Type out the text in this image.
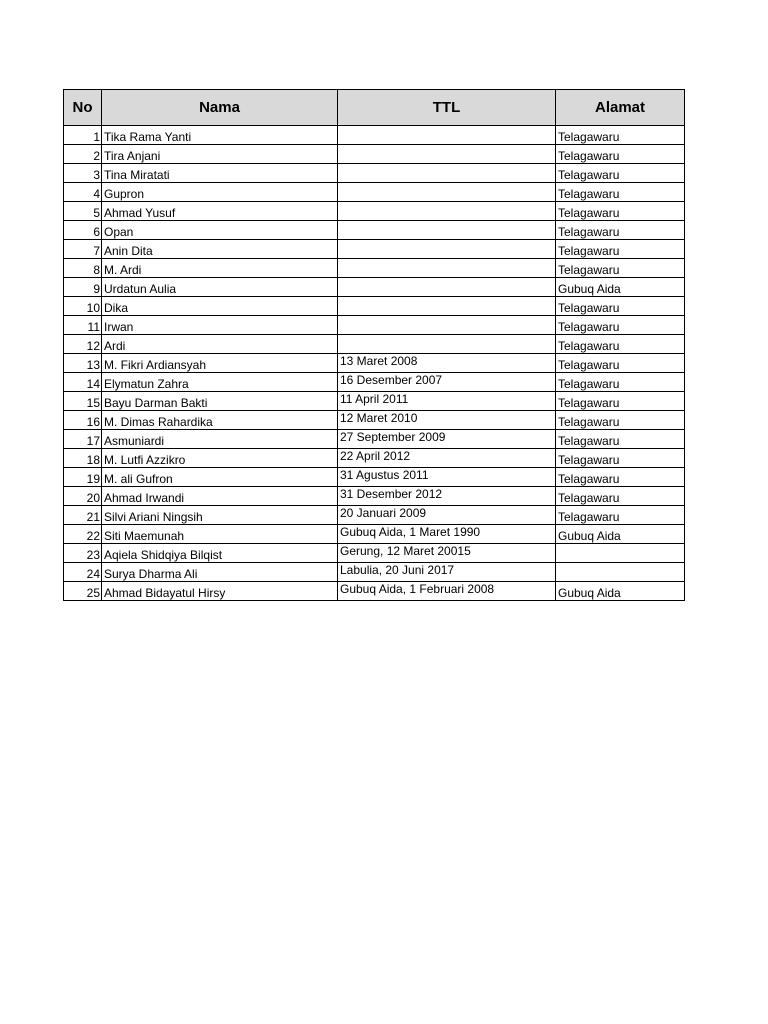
No	Nama	TTL	Alamat
1	Tika Rama Yanti		Telagawaru
2	Tira Anjani		Telagawaru
3	Tina Miratati		Telagawaru
4	Gupron		Telagawaru
5	Ahmad Yusuf		Telagawaru
6	Opan		Telagawaru
7	Anin Dita		Telagawaru
8	M. Ardi		Telagawaru
9	Urdatun Aulia		Gubuq Aida
10	Dika		Telagawaru
11	Irwan		Telagawaru
12	Ardi		Telagawaru
13	M. Fikri Ardiansyah	13 Maret 2008	Telagawaru
14	Elymatun Zahra	16 Desember 2007	Telagawaru
15	Bayu Darman Bakti	11 April 2011	Telagawaru
16	M. Dimas Rahardika	12 Maret 2010	Telagawaru
17	Asmuniardi	27 September 2009	Telagawaru
18	M. Lutfi Azzikro	22 April 2012	Telagawaru
19	M. ali Gufron	31 Agustus 2011	Telagawaru
20	Ahmad Irwandi	31 Desember 2012	Telagawaru
21	Silvi Ariani Ningsih	20 Januari 2009	Telagawaru
22	Siti Maemunah	Gubuq Aida, 1 Maret 1990	Gubuq Aida
23	Aqiela Shidqiya Bilqist	Gerung, 12 Maret 20015	
24	Surya Dharma Ali	Labulia, 20 Juni 2017	
25	Ahmad Bidayatul Hirsy	Gubuq Aida, 1 Februari 2008	Gubuq Aida
